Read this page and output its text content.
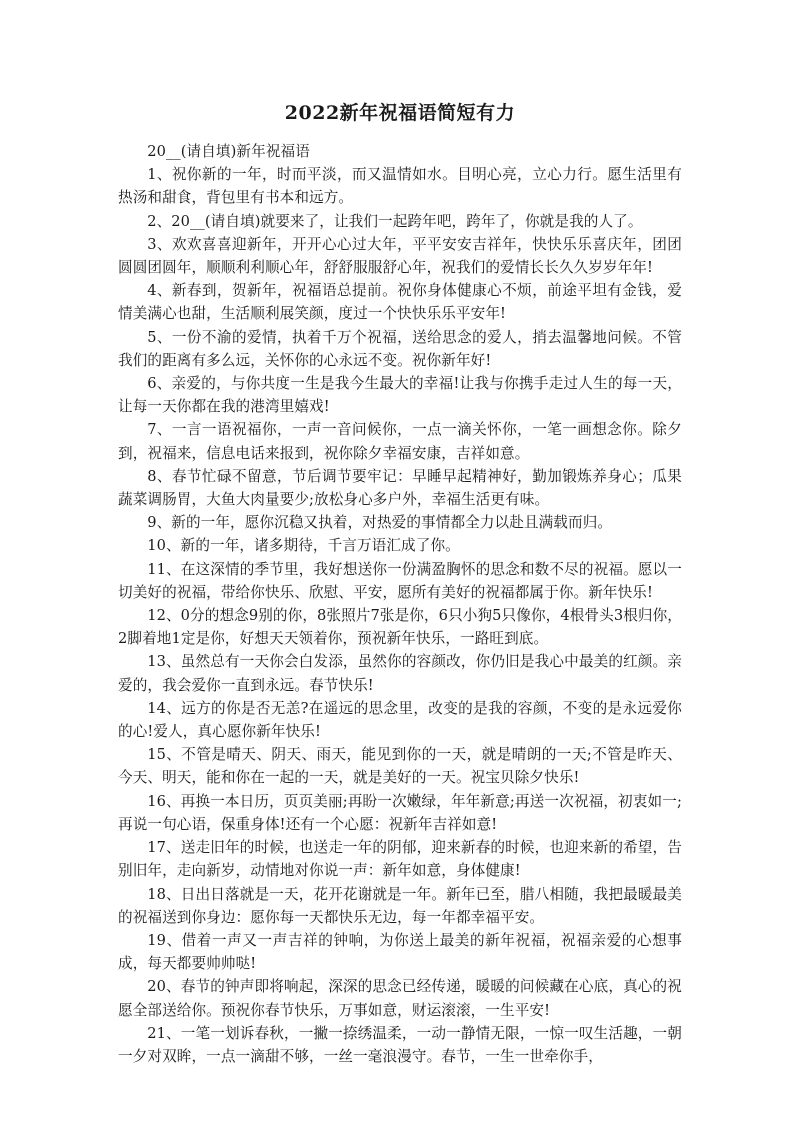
2022新年祝福语简短有力

20__(请自填)新年祝福语

1、祝你新的一年，时而平淡，而又温情如水。目明心亮，立心力行。愿生活里有热汤和甜食，背包里有书本和远方。

2、20__(请自填)就要来了，让我们一起跨年吧，跨年了，你就是我的人了。

3、欢欢喜喜迎新年，开开心心过大年，平平安安吉祥年，快快乐乐喜庆年，团团圆圆团圆年，顺顺利利顺心年，舒舒服服舒心年，祝我们的爱情长长久久岁岁年年!

4、新春到，贺新年，祝福语总提前。祝你身体健康心不烦，前途平坦有金钱，爱情美满心也甜，生活顺利展笑颜，度过一个快快乐乐平安年!

5、一份不渝的爱情，执着千万个祝福，送给思念的爱人，捎去温馨地问候。不管我们的距离有多么远，关怀你的心永远不变。祝你新年好!

6、亲爱的，与你共度一生是我今生最大的幸福!让我与你携手走过人生的每一天，让每一天你都在我的港湾里嬉戏!

7、一言一语祝福你，一声一音问候你，一点一滴关怀你，一笔一画想念你。除夕到，祝福来，信息电话来报到，祝你除夕幸福安康，吉祥如意。

8、春节忙碌不留意，节后调节要牢记：早睡早起精神好，勤加锻炼养身心；瓜果蔬菜调肠胃，大鱼大肉量要少;放松身心多户外，幸福生活更有味。

9、新的一年，愿你沉稳又执着，对热爱的事情都全力以赴且满载而归。

10、新的一年，诸多期待，千言万语汇成了你。

11、在这深情的季节里，我好想送你一份满盈胸怀的思念和数不尽的祝福。愿以一切美好的祝福，带给你快乐、欣慰、平安，愿所有美好的祝福都属于你。新年快乐!

12、0分的想念9别的你，8张照片7张是你，6只小狗5只像你，4根骨头3根归你，2脚着地1定是你，好想天天领着你，预祝新年快乐，一路旺到底。

13、虽然总有一天你会白发添，虽然你的容颜改，你仍旧是我心中最美的红颜。亲爱的，我会爱你一直到永远。春节快乐!

14、远方的你是否无恙?在遥远的思念里，改变的是我的容颜，不变的是永远爱你的心!爱人，真心愿你新年快乐!

15、不管是晴天、阴天、雨天，能见到你的一天，就是晴朗的一天;不管是昨天、今天、明天，能和你在一起的一天，就是美好的一天。祝宝贝除夕快乐!

16、再换一本日历，页页美丽;再盼一次嫩绿，年年新意;再送一次祝福，初衷如一;再说一句心语，保重身体!还有一个心愿：祝新年吉祥如意!

17、送走旧年的时候，也送走一年的阴郁，迎来新春的时候，也迎来新的希望，告别旧年，走向新岁，动情地对你说一声：新年如意，身体健康!

18、日出日落就是一天，花开花谢就是一年。新年已至，腊八相随，我把最暖最美的祝福送到你身边：愿你每一天都快乐无边，每一年都幸福平安。

19、借着一声又一声吉祥的钟响，为你送上最美的新年祝福，祝福亲爱的心想事成，每天都要帅帅哒!

20、春节的钟声即将响起，深深的思念已经传递，暖暖的问候藏在心底，真心的祝愿全部送给你。预祝你春节快乐，万事如意，财运滚滚，一生平安!

21、一笔一划诉春秋，一撇一捺绣温柔，一动一静情无限，一惊一叹生活趣，一朝一夕对双眸，一点一滴甜不够，一丝一毫浪漫守。春节，一生一世牵你手，
